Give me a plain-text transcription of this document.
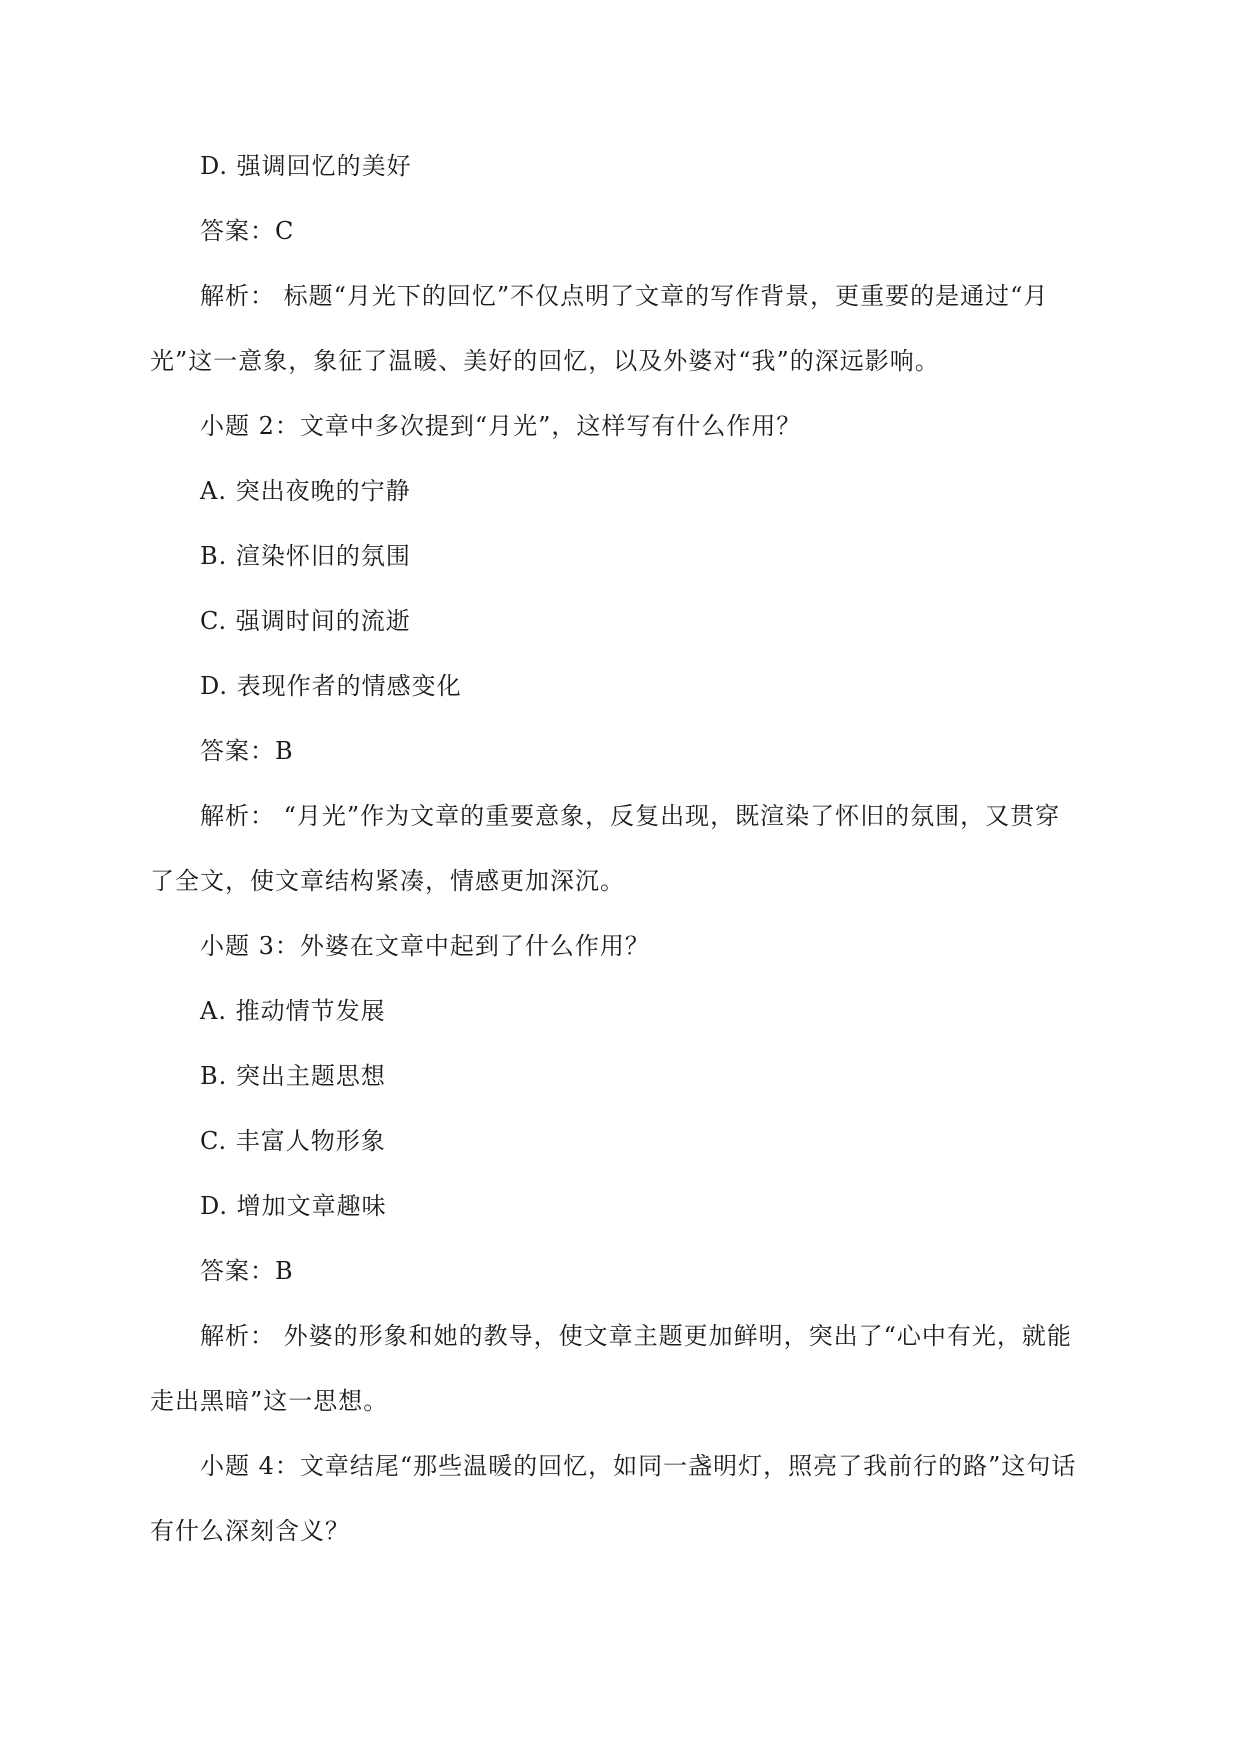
D. 强调回忆的美好
答案：C
解析： 标题“月光下的回忆”不仅点明了文章的写作背景，更重要的是通过“月
光”这一意象，象征了温暖、美好的回忆，以及外婆对“我”的深远影响。
小题 2：文章中多次提到“月光”，这样写有什么作用？
A. 突出夜晚的宁静
B. 渲染怀旧的氛围
C. 强调时间的流逝
D. 表现作者的情感变化
答案：B
解析： “月光”作为文章的重要意象，反复出现，既渲染了怀旧的氛围，又贯穿
了全文，使文章结构紧凑，情感更加深沉。
小题 3：外婆在文章中起到了什么作用？
A. 推动情节发展
B. 突出主题思想
C. 丰富人物形象
D. 增加文章趣味
答案：B
解析： 外婆的形象和她的教导，使文章主题更加鲜明，突出了“心中有光，就能
走出黑暗”这一思想。
小题 4：文章结尾“那些温暖的回忆，如同一盏明灯，照亮了我前行的路”这句话
有什么深刻含义？
